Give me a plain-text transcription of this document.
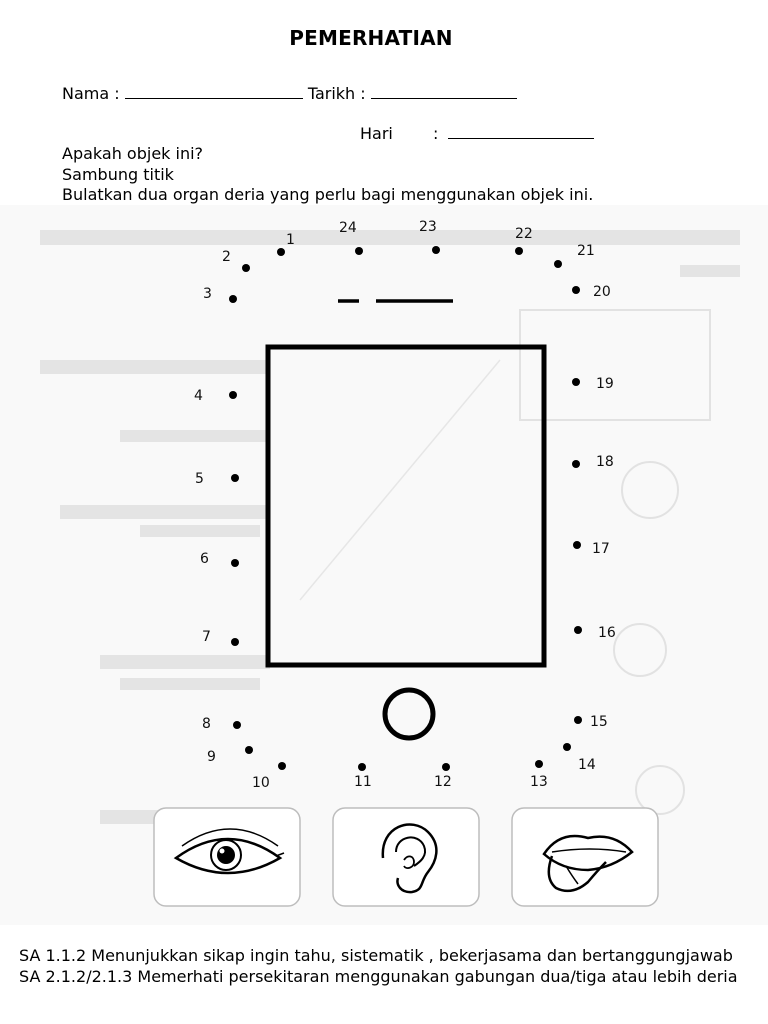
PEMERHATIAN
Nama :	Tarikh :
Hari	:
Apakah objek ini?
Sambung titik
Bulatkan dua organ deria yang perlu bagi menggunakan objek ini.
1
2
3
4
5
6
7
8
9
10	11	12	13
14
15
16
17
18
19
20
21
22
23
24
SA 1.1.2 Menunjukkan sikap ingin tahu, sistematik , bekerjasama dan bertanggungjawab
SA 2.1.2/2.1.3 Memerhati persekitaran menggunakan gabungan dua/tiga atau lebih deria
